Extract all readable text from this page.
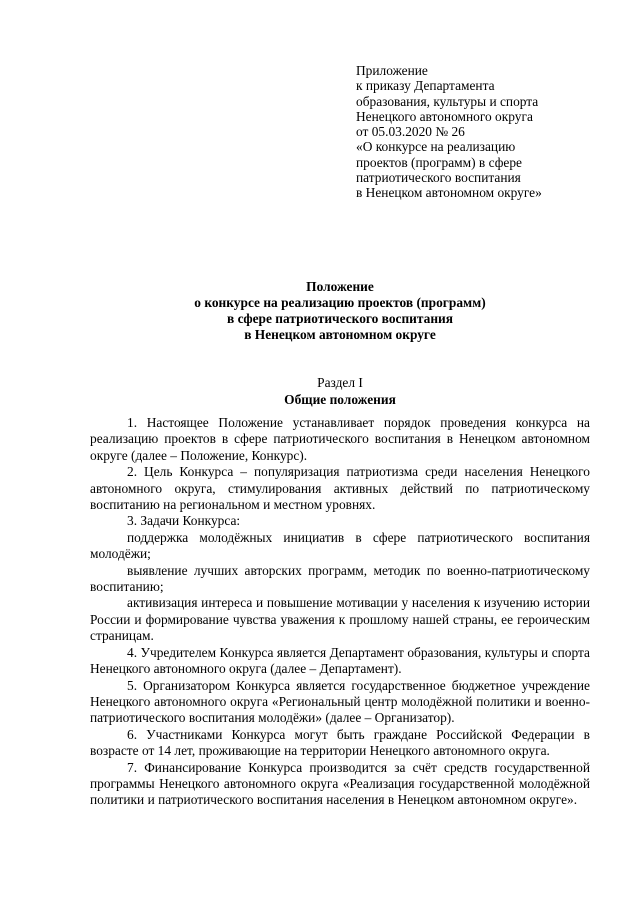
Приложение
к приказу Департамента
образования, культуры и спорта
Ненецкого автономного округа
от 05.03.2020 № 26
«О конкурсе на реализацию
проектов (программ) в сфере
патриотического воспитания
в Ненецком автономном округе»
Положение
о конкурсе на реализацию проектов (программ)
в сфере патриотического воспитания
в Ненецком автономном округе
Раздел I
Общие положения

1. Настоящее Положение устанавливает порядок проведения конкурса на реализацию проектов в сфере патриотического воспитания в Ненецком автономном округе (далее – Положение, Конкурс).

2. Цель Конкурса – популяризация патриотизма среди населения Ненецкого автономного округа, стимулирования активных действий по патриотическому воспитанию на региональном и местном уровнях.

3. Задачи Конкурса:

поддержка молодёжных инициатив в сфере патриотического воспитания молодёжи;

выявление лучших авторских программ, методик по военно-патриотическому воспитанию;

активизация интереса и повышение мотивации у населения к изучению истории России и формирование чувства уважения к прошлому нашей страны, ее героическим страницам.

4. Учредителем Конкурса является Департамент образования, культуры и спорта Ненецкого автономного округа (далее – Департамент).

5. Организатором Конкурса является государственное бюджетное учреждение Ненецкого автономного округа «Региональный центр молодёжной политики и военно-патриотического воспитания молодёжи» (далее – Организатор).

6. Участниками Конкурса могут быть граждане Российской Федерации в возрасте от 14 лет, проживающие на территории Ненецкого автономного округа.

7. Финансирование Конкурса производится за счёт средств государственной программы Ненецкого автономного округа «Реализация государственной молодёжной политики и патриотического воспитания населения в Ненецком автономном округе».
